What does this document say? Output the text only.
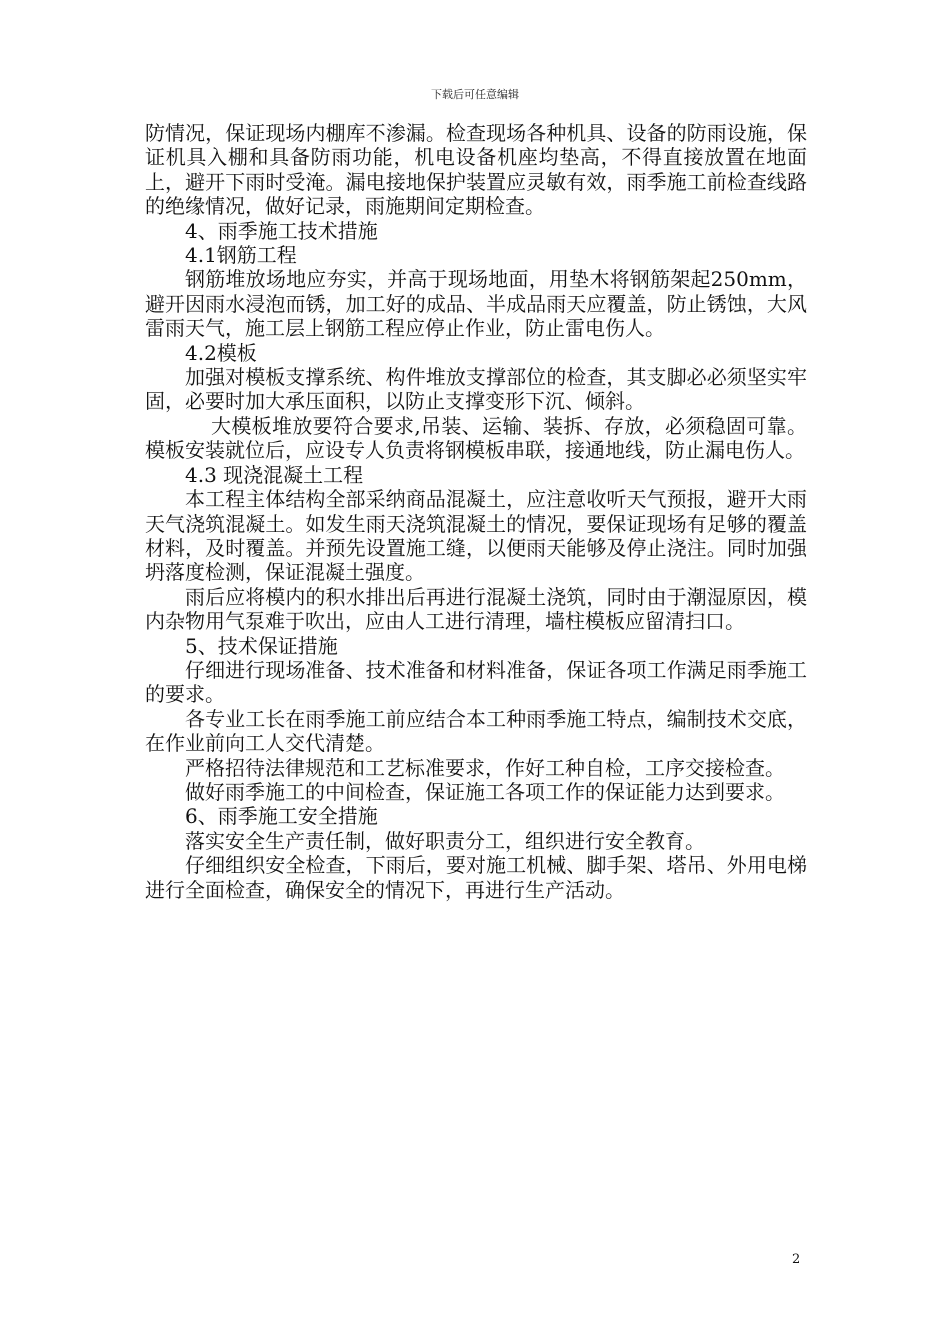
下载后可任意编辑

防情况，保证现场内棚库不渗漏。检查现场各种机具、设备的防雨设施，保证机具入棚和具备防雨功能，机电设备机座均垫高，不得直接放置在地面上，避开下雨时受淹。漏电接地保护装置应灵敏有效，雨季施工前检查线路的绝缘情况，做好记录，雨施期间定期检查。

4、雨季施工技术措施

4.1钢筋工程

钢筋堆放场地应夯实，并高于现场地面，用垫木将钢筋架起250mm，避开因雨水浸泡而锈，加工好的成品、半成品雨天应覆盖，防止锈蚀，大风雷雨天气，施工层上钢筋工程应停止作业，防止雷电伤人。

4.2模板

加强对模板支撑系统、构件堆放支撑部位的检查，其支脚必必须坚实牢固，必要时加大承压面积，以防止支撑变形下沉、倾斜。

大模板堆放要符合要求,吊装、运输、装拆、存放，必须稳固可靠。模板安装就位后，应设专人负责将钢模板串联，接通地线，防止漏电伤人。

4.3 现浇混凝土工程

本工程主体结构全部采纳商品混凝土，应注意收听天气预报，避开大雨天气浇筑混凝土。如发生雨天浇筑混凝土的情况，要保证现场有足够的覆盖材料，及时覆盖。并预先设置施工缝，以便雨天能够及停止浇注。同时加强坍落度检测，保证混凝土强度。

雨后应将模内的积水排出后再进行混凝土浇筑，同时由于潮湿原因，模内杂物用气泵难于吹出，应由人工进行清理，墙柱模板应留清扫口。

5、技术保证措施

仔细进行现场准备、技术准备和材料准备，保证各项工作满足雨季施工的要求。

各专业工长在雨季施工前应结合本工种雨季施工特点，编制技术交底，在作业前向工人交代清楚。

严格招待法律规范和工艺标准要求，作好工种自检，工序交接检查。

做好雨季施工的中间检查，保证施工各项工作的保证能力达到要求。

6、雨季施工安全措施

落实安全生产责任制，做好职责分工，组织进行安全教育。

仔细组织安全检查，下雨后，要对施工机械、脚手架、塔吊、外用电梯进行全面检查，确保安全的情况下，再进行生产活动。

2
